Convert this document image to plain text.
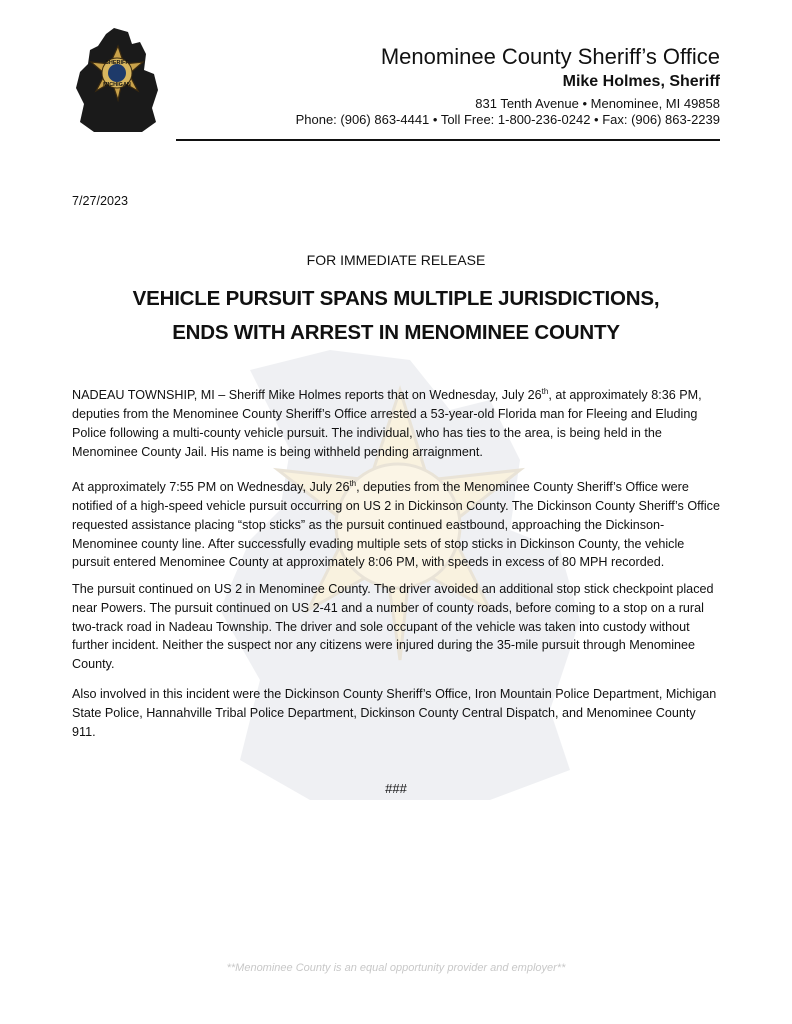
SHERIFF
MICHIGAN
Menominee County Sheriff’s Office
Mike Holmes, Sheriff
831 Tenth Avenue • Menominee, MI 49858
Phone: (906) 863-4441 • Toll Free: 1-800-236-0242 • Fax: (906) 863-2239
7/27/2023
FOR IMMEDIATE RELEASE
VEHICLE PURSUIT SPANS MULTIPLE JURISDICTIONS,
ENDS WITH ARREST IN MENOMINEE COUNTY

NADEAU TOWNSHIP, MI – Sheriff Mike Holmes reports that on Wednesday, July 26th, at approximately 8:36 PM, deputies from the Menominee County Sheriff’s Office arrested a 53-year-old Florida man for Fleeing and Eluding Police following a multi-county vehicle pursuit. The individual, who has ties to the area, is being held in the Menominee County Jail. His name is being withheld pending arraignment.

At approximately 7:55 PM on Wednesday, July 26th, deputies from the Menominee County Sheriff’s Office were notified of a high-speed vehicle pursuit occurring on US 2 in Dickinson County. The Dickinson County Sheriff’s Office requested assistance placing “stop sticks” as the pursuit continued eastbound, approaching the Dickinson-Menominee county line. After successfully evading multiple sets of stop sticks in Dickinson County, the vehicle pursuit entered Menominee County at approximately 8:06 PM, with speeds in excess of 80 MPH recorded.

The pursuit continued on US 2 in Menominee County. The driver avoided an additional stop stick checkpoint placed near Powers. The pursuit continued on US 2-41 and a number of county roads, before coming to a stop on a rural two-track road in Nadeau Township. The driver and sole occupant of the vehicle was taken into custody without further incident. Neither the suspect nor any citizens were injured during the 35-mile pursuit through Menominee County.

Also involved in this incident were the Dickinson County Sheriff’s Office, Iron Mountain Police Department, Michigan State Police, Hannahville Tribal Police Department, Dickinson County Central Dispatch, and Menominee County 911.

###
**Menominee County is an equal opportunity provider and employer**
